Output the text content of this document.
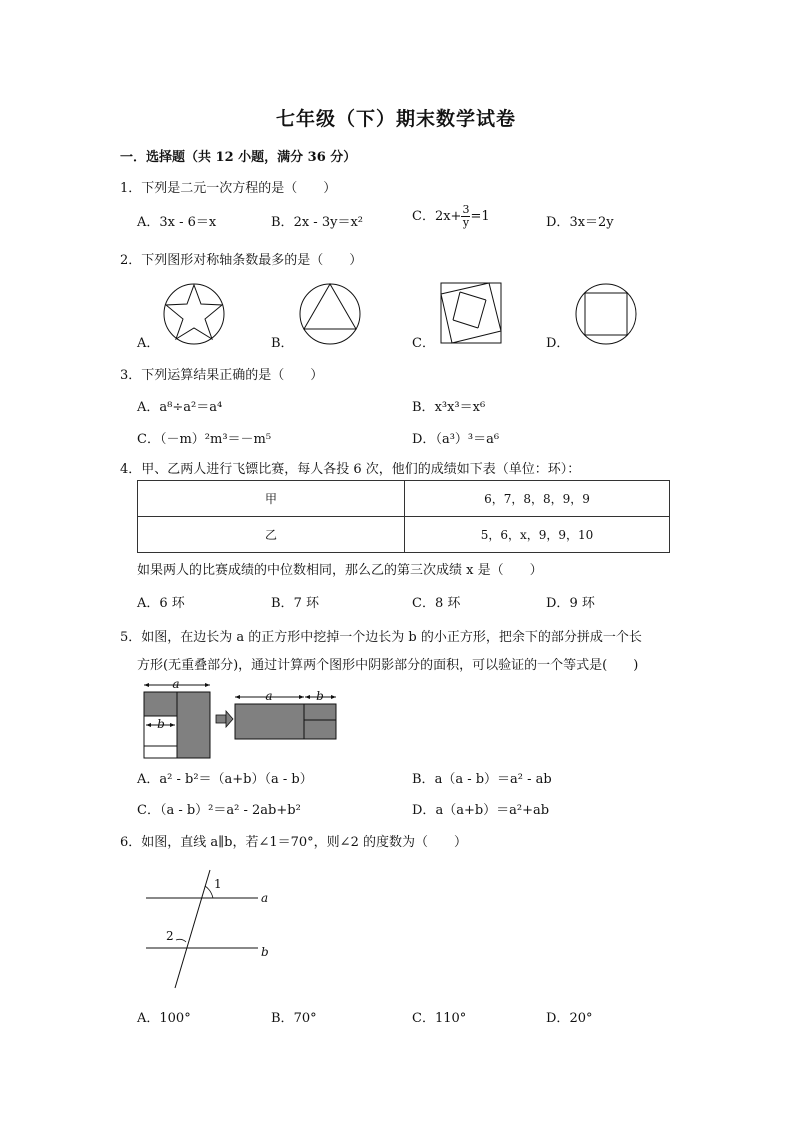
七年级（下）期末数学试卷
一．选择题（共 12 小题，满分 36 分）
1．下列是二元一次方程的是（　　）
A．3x - 6＝x	B．2x - 3y＝x²	C．$2x+ \frac{3}{y} =1$	D．3x＝2y
2．下列图形对称轴条数最多的是（　　）
A．	B．	C．	D．
3．下列运算结果正确的是（　　）
A．a⁸÷a²＝a⁴	B．x³x³＝x⁶
C．（－m）²m³＝－m⁵	D．（a³）³＝a⁶
4．甲、乙两人进行飞镖比赛，每人各投 6 次，他们的成绩如下表（单位：环）：
甲	6，7，8，8，9，9
乙	5，6，x，9，9，10
如果两人的比赛成绩的中位数相同，那么乙的第三次成绩 x 是（　　）
A．6 环	B．7 环	C．8 环	D．9 环
5．如图，在边长为 a 的正方形中挖掉一个边长为 b 的小正方形，把余下的部分拼成一个长
方形(无重叠部分)，通过计算两个图形中阴影部分的面积，可以验证的一个等式是(　　)
a
b
a	b
A．a² - b²＝（a+b）（a - b）	B．a（a - b）＝a² - ab
C．（a - b）²＝a² - 2ab+b²	D．a（a+b）＝a²+ab
6．如图，直线 a∥b，若∠1＝70°，则∠2 的度数为（　　）
1
2
a
b
A．100°	B．70°	C．110°	D．20°
